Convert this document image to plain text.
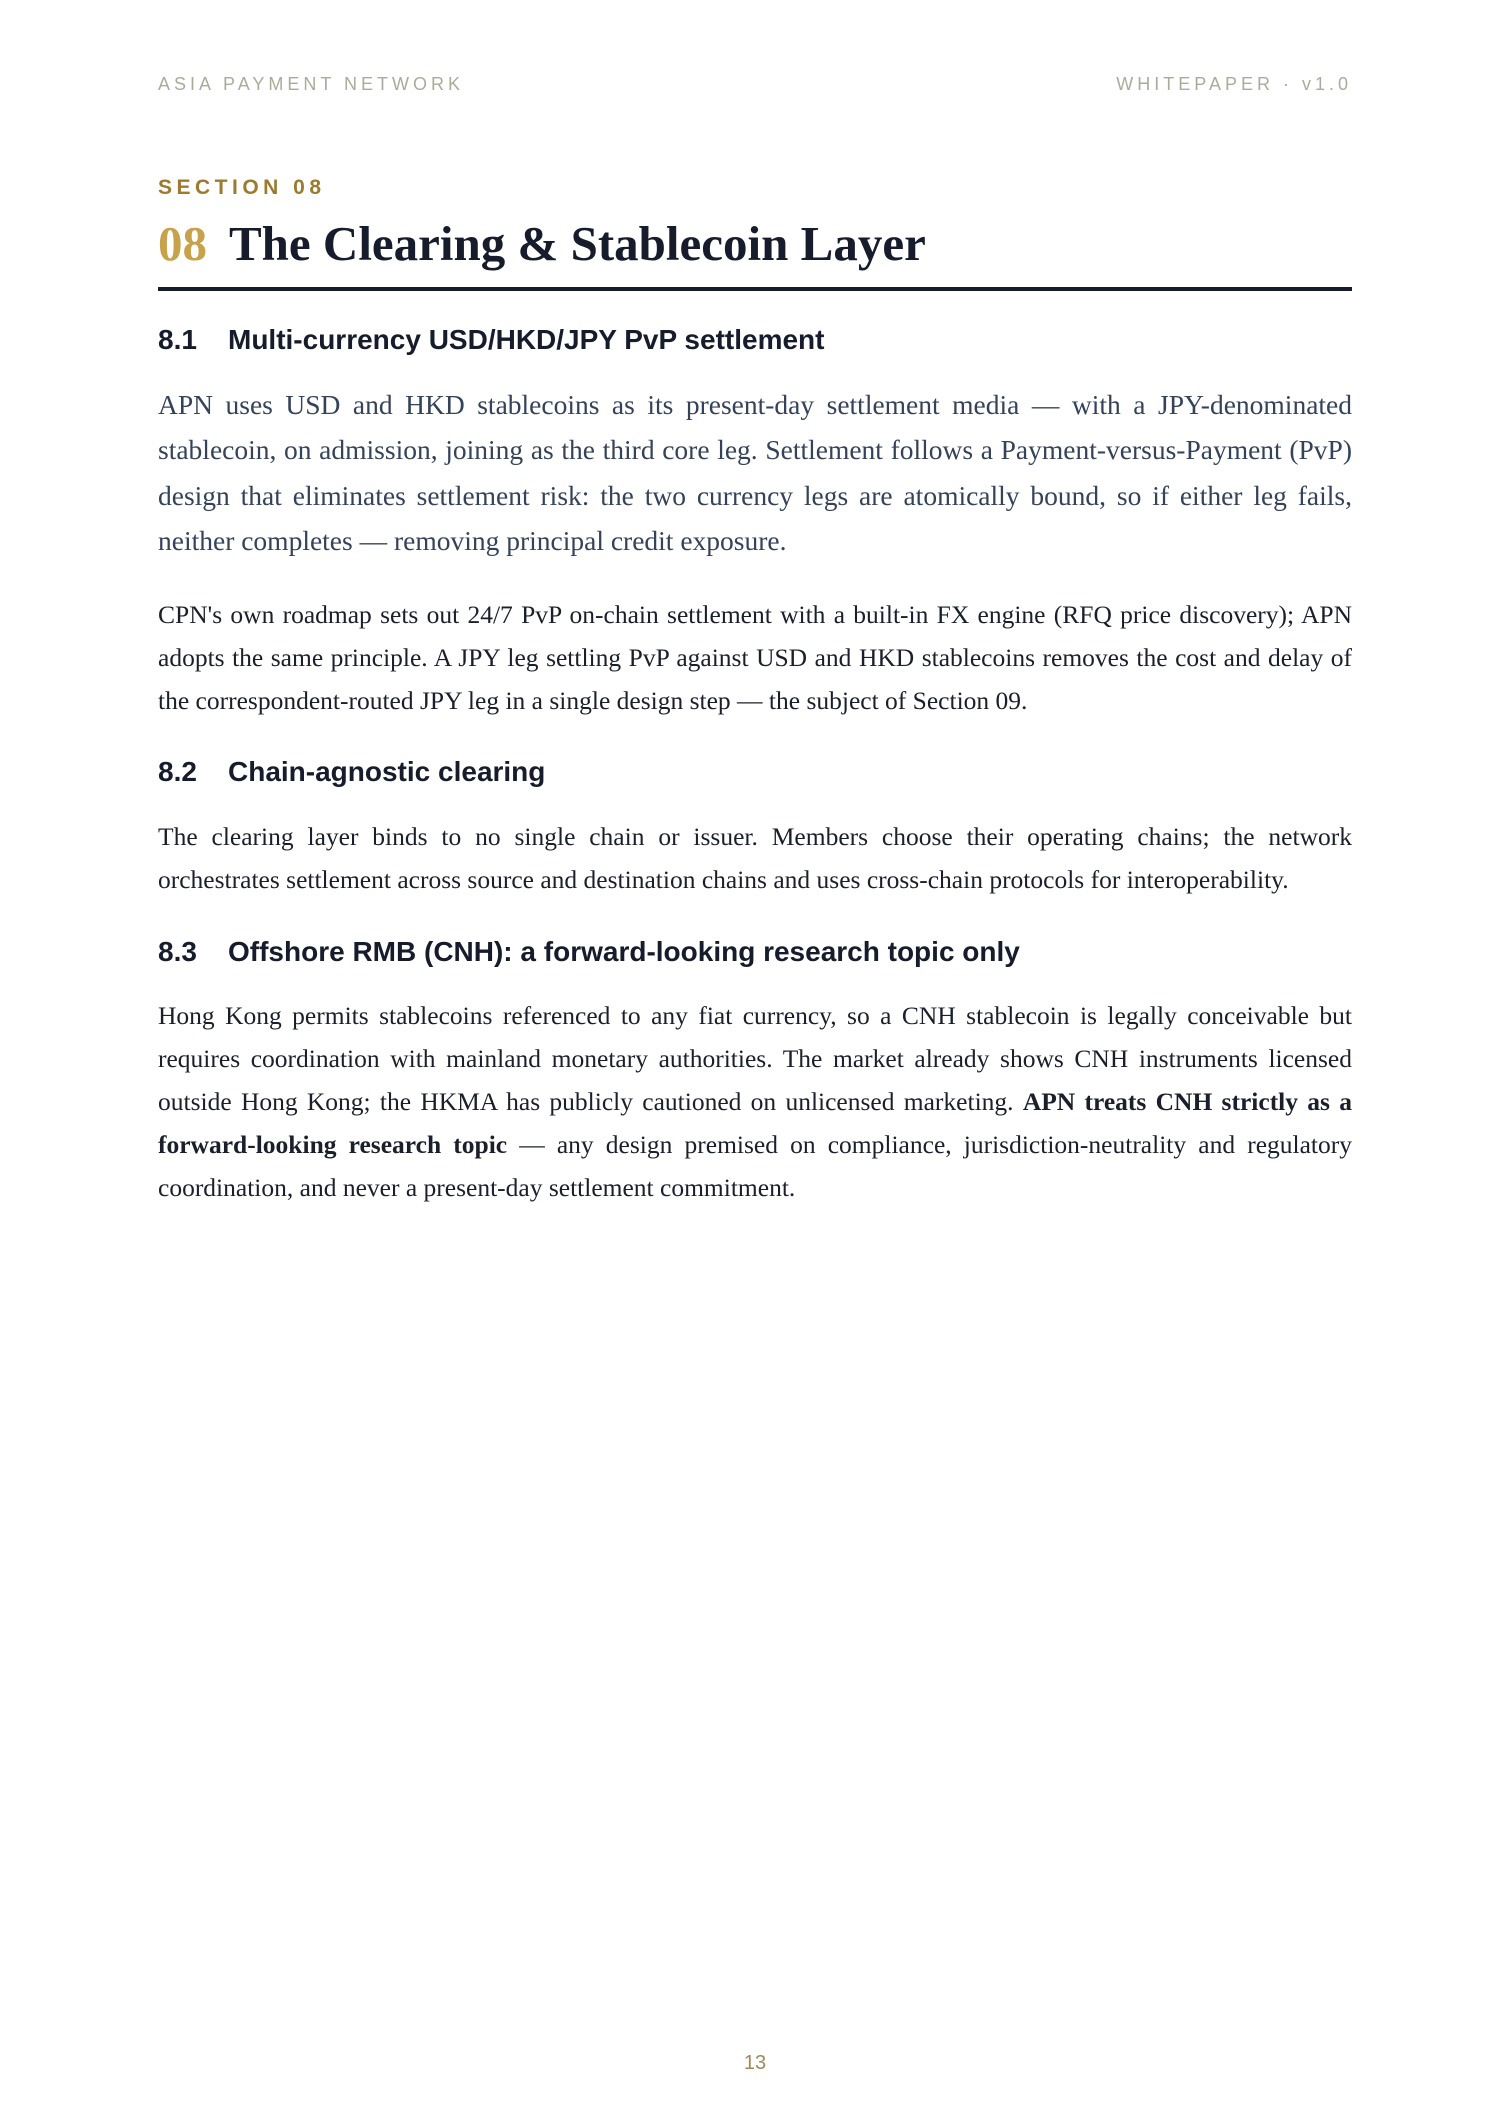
ASIA PAYMENT NETWORK	WHITEPAPER · v1.0
SECTION 08
08 The Clearing & Stablecoin Layer
8.1 Multi-currency USD/HKD/JPY PvP settlement

APN uses USD and HKD stablecoins as its present-day settlement media — with a JPY-denominated stablecoin, on admission, joining as the third core leg. Settlement follows a Payment-versus-Payment (PvP) design that eliminates settlement risk: the two currency legs are atomically bound, so if either leg fails, neither completes — removing principal credit exposure.

CPN's own roadmap sets out 24/7 PvP on-chain settlement with a built-in FX engine (RFQ price discovery); APN adopts the same principle. A JPY leg settling PvP against USD and HKD stablecoins removes the cost and delay of the correspondent-routed JPY leg in a single design step — the subject of Section 09.

8.2 Chain-agnostic clearing

The clearing layer binds to no single chain or issuer. Members choose their operating chains; the network orchestrates settlement across source and destination chains and uses cross-chain protocols for interoperability.

8.3 Offshore RMB (CNH): a forward-looking research topic only

Hong Kong permits stablecoins referenced to any fiat currency, so a CNH stablecoin is legally conceivable but requires coordination with mainland monetary authorities. The market already shows CNH instruments licensed outside Hong Kong; the HKMA has publicly cautioned on unlicensed marketing. APN treats CNH strictly as a forward-looking research topic — any design premised on compliance, jurisdiction-neutrality and regulatory coordination, and never a present-day settlement commitment.

13
